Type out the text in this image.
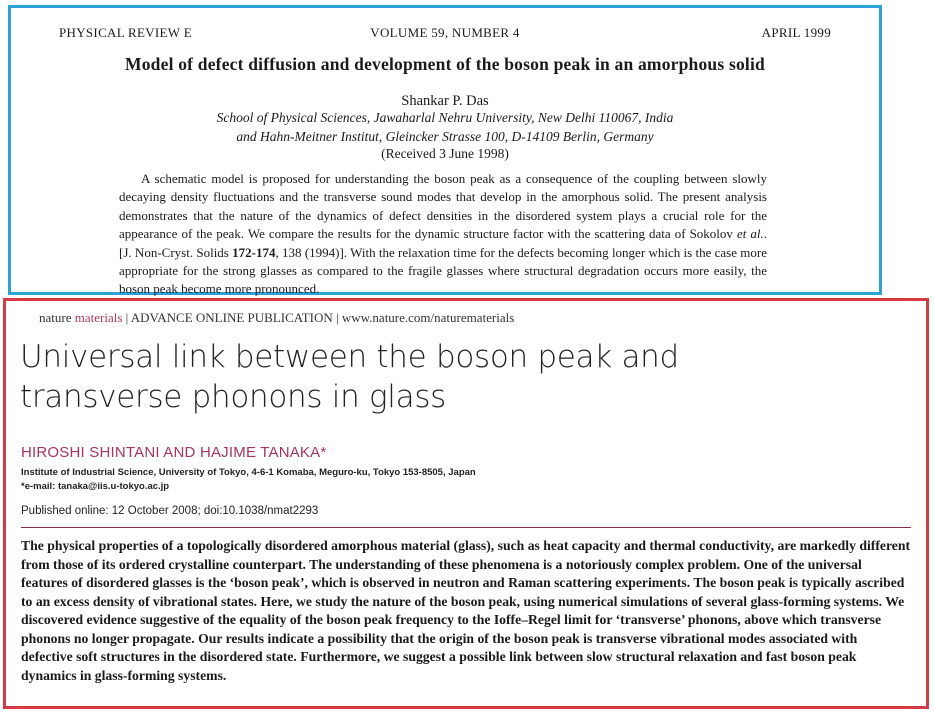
PHYSICAL REVIEW E	VOLUME 59, NUMBER 4	APRIL 1999
Model of defect diffusion and development of the boson peak in an amorphous solid
Shankar P. Das
School of Physical Sciences, Jawaharlal Nehru University, New Delhi 110067, India
and Hahn-Meitner Institut, Gleincker Strasse 100, D-14109 Berlin, Germany
(Received 3 June 1998)
A schematic model is proposed for understanding the boson peak as a consequence of the coupling between slowly decaying density fluctuations and the transverse sound modes that develop in the amorphous solid. The present analysis demonstrates that the nature of the dynamics of defect densities in the disordered system plays a crucial role for the appearance of the peak. We compare the results for the dynamic structure factor with the scattering data of Sokolov et al.. [J. Non-Cryst. Solids 172-174, 138 (1994)]. With the relaxation time for the defects becoming longer which is the case more appropriate for the strong glasses as compared to the fragile glasses where structural degradation occurs more easily, the boson peak become more pronounced.
nature materials | ADVANCE ONLINE PUBLICATION | www.nature.com/naturematerials
Universal link between the boson peak and
transverse phonons in glass
HIROSHI SHINTANI AND HAJIME TANAKA*
Institute of Industrial Science, University of Tokyo, 4-6-1 Komaba, Meguro-ku, Tokyo 153-8505, Japan
*e-mail: tanaka@iis.u-tokyo.ac.jp
Published online: 12 October 2008; doi:10.1038/nmat2293
The physical properties of a topologically disordered amorphous material (glass), such as heat capacity and thermal conductivity, are markedly different from those of its ordered crystalline counterpart. The understanding of these phenomena is a notoriously complex problem. One of the universal features of disordered glasses is the ‘boson peak’, which is observed in neutron and Raman scattering experiments. The boson peak is typically ascribed to an excess density of vibrational states. Here, we study the nature of the boson peak, using numerical simulations of several glass-forming systems. We discovered evidence suggestive of the equality of the boson peak frequency to the Ioffe–Regel limit for ‘transverse’ phonons, above which transverse phonons no longer propagate. Our results indicate a possibility that the origin of the boson peak is transverse vibrational modes associated with defective soft structures in the disordered state. Furthermore, we suggest a possible link between slow structural relaxation and fast boson peak dynamics in glass-forming systems.
